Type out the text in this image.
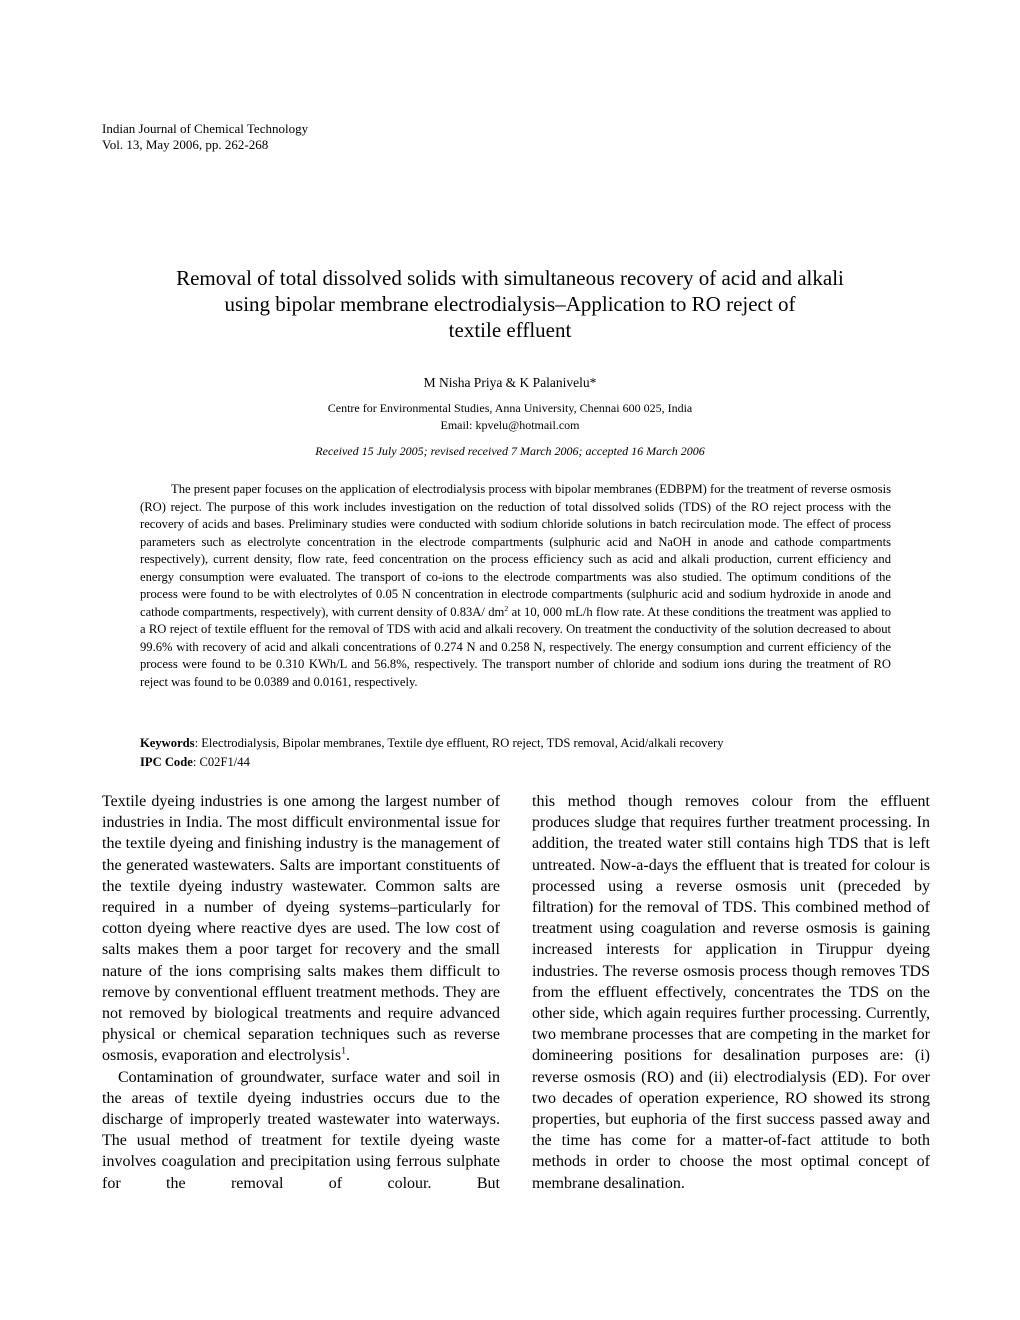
Indian Journal of Chemical Technology
Vol. 13, May 2006, pp. 262-268
Removal of total dissolved solids with simultaneous recovery of acid and alkali
using bipolar membrane electrodialysis–Application to RO reject of
textile effluent
M Nisha Priya & K Palanivelu*
Centre for Environmental Studies, Anna University, Chennai 600 025, India
Email: kpvelu@hotmail.com
Received 15 July 2005; revised received 7 March 2006; accepted 16 March 2006
The present paper focuses on the application of electrodialysis process with bipolar membranes (EDBPM) for the treatment of reverse osmosis (RO) reject. The purpose of this work includes investigation on the reduction of total dissolved solids (TDS) of the RO reject process with the recovery of acids and bases. Preliminary studies were conducted with sodium chloride solutions in batch recirculation mode. The effect of process parameters such as electrolyte concentration in the electrode compartments (sulphuric acid and NaOH in anode and cathode compartments respectively), current density, flow rate, feed concentration on the process efficiency such as acid and alkali production, current efficiency and energy consumption were evaluated. The transport of co-ions to the electrode compartments was also studied. The optimum conditions of the process were found to be with electrolytes of 0.05 N concentration in electrode compartments (sulphuric acid and sodium hydroxide in anode and cathode compartments, respectively), with current density of 0.83A/ $dm^2$ at 10, 000 mL/h flow rate. At these conditions the treatment was applied to a RO reject of textile effluent for the removal of TDS with acid and alkali recovery. On treatment the conductivity of the solution decreased to about 99.6% with recovery of acid and alkali concentrations of 0.274 N and 0.258 N, respectively. The energy consumption and current efficiency of the process were found to be 0.310 KWh/L and 56.8%, respectively. The transport number of chloride and sodium ions during the treatment of RO reject was found to be 0.0389 and 0.0161, respectively.
Keywords: Electrodialysis, Bipolar membranes, Textile dye effluent, RO reject, TDS removal, Acid/alkali recovery
IPC Code: C02F1/44

Textile dyeing industries is one among the largest number of industries in India. The most difficult environmental issue for the textile dyeing and finishing industry is the management of the generated wastewaters. Salts are important constituents of the textile dyeing industry wastewater. Common salts are required in a number of dyeing systems–particularly for cotton dyeing where reactive dyes are used. The low cost of salts makes them a poor target for recovery and the small nature of the ions comprising salts makes them difficult to remove by conventional effluent treatment methods. They are not removed by biological treatments and require advanced physical or chemical separation techniques such as reverse osmosis, evaporation and electrolysis$^1$.

Contamination of groundwater, surface water and soil in the areas of textile dyeing industries occurs due to the discharge of improperly treated wastewater into waterways. The usual method of treatment for textile dyeing waste involves coagulation and precipitation using ferrous sulphate for the removal of colour. But

this method though removes colour from the effluent produces sludge that requires further treatment processing. In addition, the treated water still contains high TDS that is left untreated. Now-a-days the effluent that is treated for colour is processed using a reverse osmosis unit (preceded by filtration) for the removal of TDS. This combined method of treatment using coagulation and reverse osmosis is gaining increased interests for application in Tiruppur dyeing industries. The reverse osmosis process though removes TDS from the effluent effectively, concentrates the TDS on the other side, which again requires further processing. Currently, two membrane processes that are competing in the market for domineering positions for desalination purposes are: (i) reverse osmosis (RO) and (ii) electrodialysis (ED). For over two decades of operation experience, RO showed its strong properties, but euphoria of the first success passed away and the time has come for a matter-of-fact attitude to both methods in order to choose the most optimal concept of membrane desalination.
